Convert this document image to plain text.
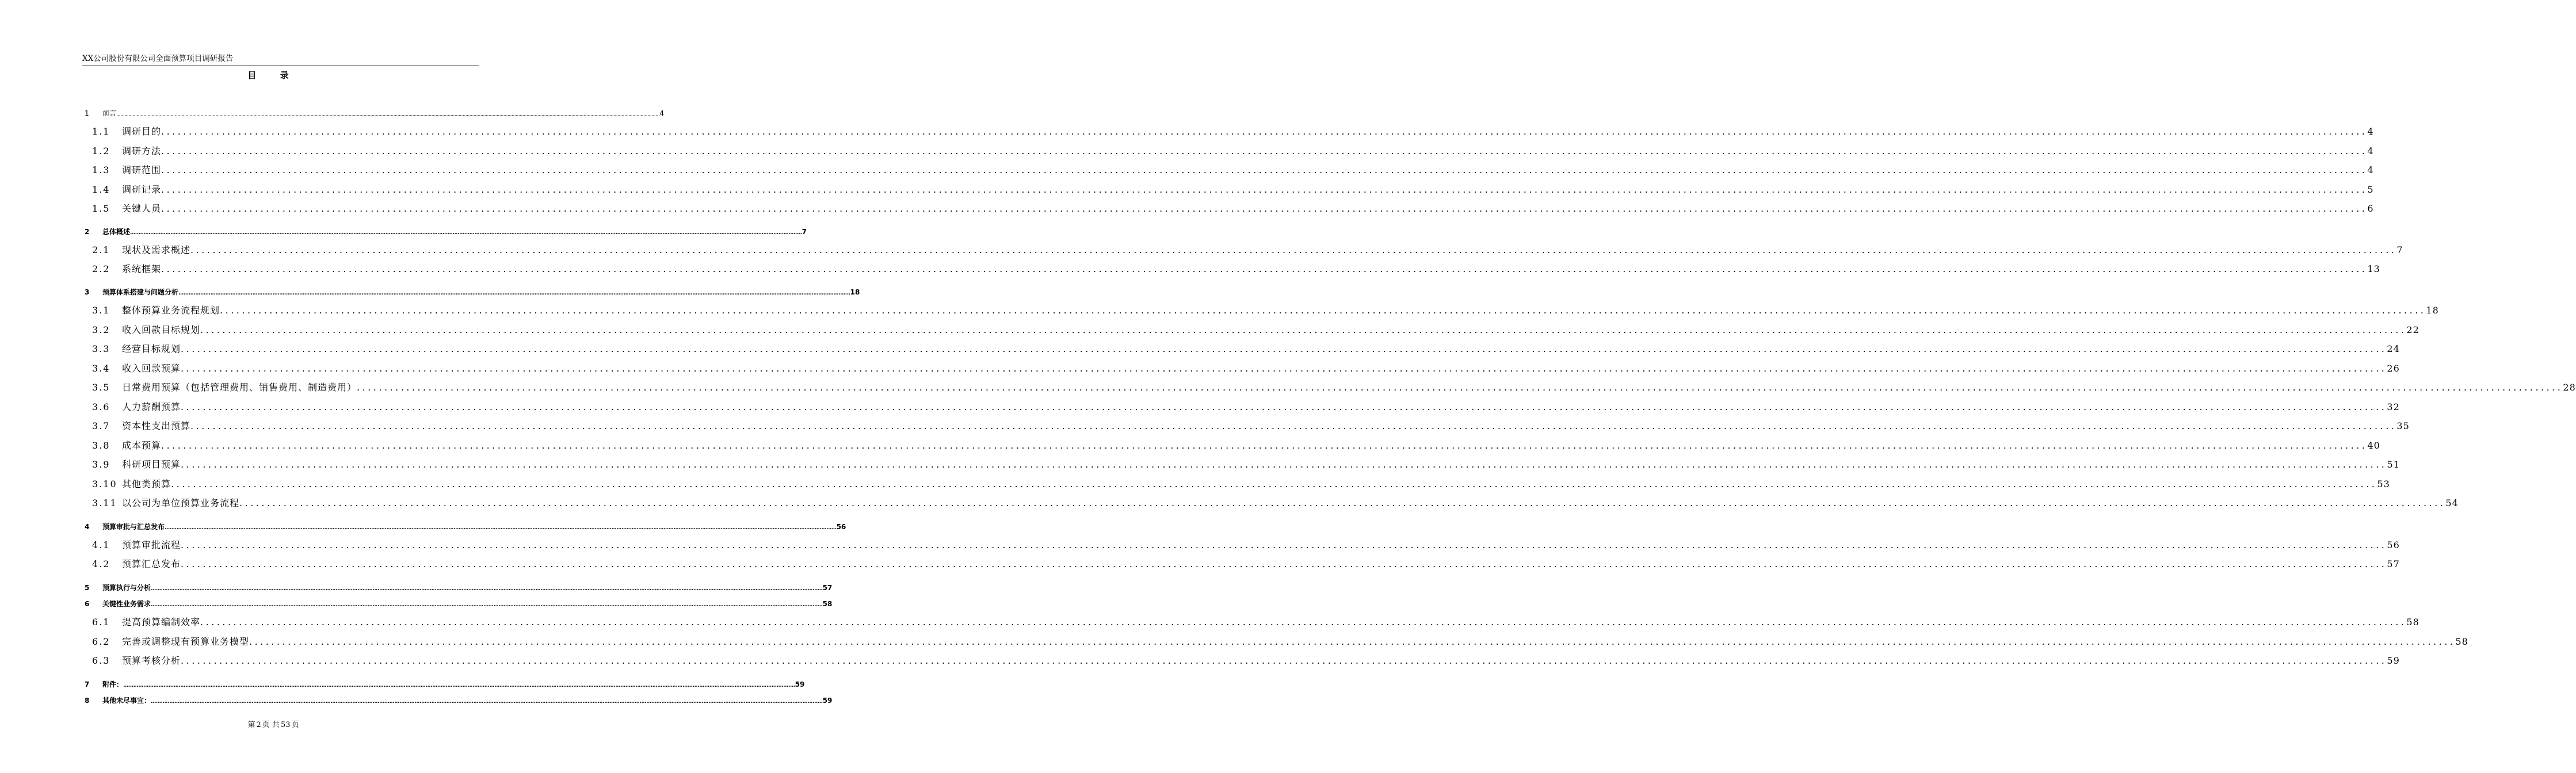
XX公司股份有限公司全面预算项目调研报告
目 录
1	前言 ................................................................................................................................................................................................................................................................................................................................................................................................................ 4
1.1	调研目的 ................................................................................................................................................................................................................................................................................................................................................................................................................ 4
1.2	调研方法 ................................................................................................................................................................................................................................................................................................................................................................................................................ 4
1.3	调研范围 ................................................................................................................................................................................................................................................................................................................................................................................................................ 4
1.4	调研记录 ................................................................................................................................................................................................................................................................................................................................................................................................................ 5
1.5	关键人员 ................................................................................................................................................................................................................................................................................................................................................................................................................ 6
2	总体概述 ................................................................................................................................................................................................................................................................................................................................................................................................................ 7
2.1	现状及需求概述 ................................................................................................................................................................................................................................................................................................................................................................................................................ 7
2.2	系统框架 ................................................................................................................................................................................................................................................................................................................................................................................................................ 13
3	预算体系搭建与问题分析 ................................................................................................................................................................................................................................................................................................................................................................................................................ 18
3.1	整体预算业务流程规划 ................................................................................................................................................................................................................................................................................................................................................................................................................ 18
3.2	收入回款目标规划 ................................................................................................................................................................................................................................................................................................................................................................................................................ 22
3.3	经营目标规划 ................................................................................................................................................................................................................................................................................................................................................................................................................ 24
3.4	收入回款预算 ................................................................................................................................................................................................................................................................................................................................................................................................................ 26
3.5	日常费用预算（包括管理费用、销售费用、制造费用） ................................................................................................................................................................................................................................................................................................................................................................................................................ 28
3.6	人力薪酬预算 ................................................................................................................................................................................................................................................................................................................................................................................................................ 32
3.7	资本性支出预算 ................................................................................................................................................................................................................................................................................................................................................................................................................ 35
3.8	成本预算 ................................................................................................................................................................................................................................................................................................................................................................................................................ 40
3.9	科研项目预算 ................................................................................................................................................................................................................................................................................................................................................................................................................ 51
3.10 其他类预算 ................................................................................................................................................................................................................................................................................................................................................................................................................ 53
3.11 以公司为单位预算业务流程 ................................................................................................................................................................................................................................................................................................................................................................................................................ 54
4	预算审批与汇总发布 ................................................................................................................................................................................................................................................................................................................................................................................................................ 56
4.1	预算审批流程 ................................................................................................................................................................................................................................................................................................................................................................................................................ 56
4.2	预算汇总发布 ................................................................................................................................................................................................................................................................................................................................................................................................................ 57
5	预算执行与分析 ................................................................................................................................................................................................................................................................................................................................................................................................................ 57
6	关键性业务需求 ................................................................................................................................................................................................................................................................................................................................................................................................................ 58
6.1	提高预算编制效率 ................................................................................................................................................................................................................................................................................................................................................................................................................ 58
6.2	完善或调整现有预算业务模型 ................................................................................................................................................................................................................................................................................................................................................................................................................ 58
6.3	预算考核分析 ................................................................................................................................................................................................................................................................................................................................................................................................................ 59
7	附件： ................................................................................................................................................................................................................................................................................................................................................................................................................ 59
8	其他未尽事宜： ................................................................................................................................................................................................................................................................................................................................................................................................................ 59
第 2 页 共 53 页
